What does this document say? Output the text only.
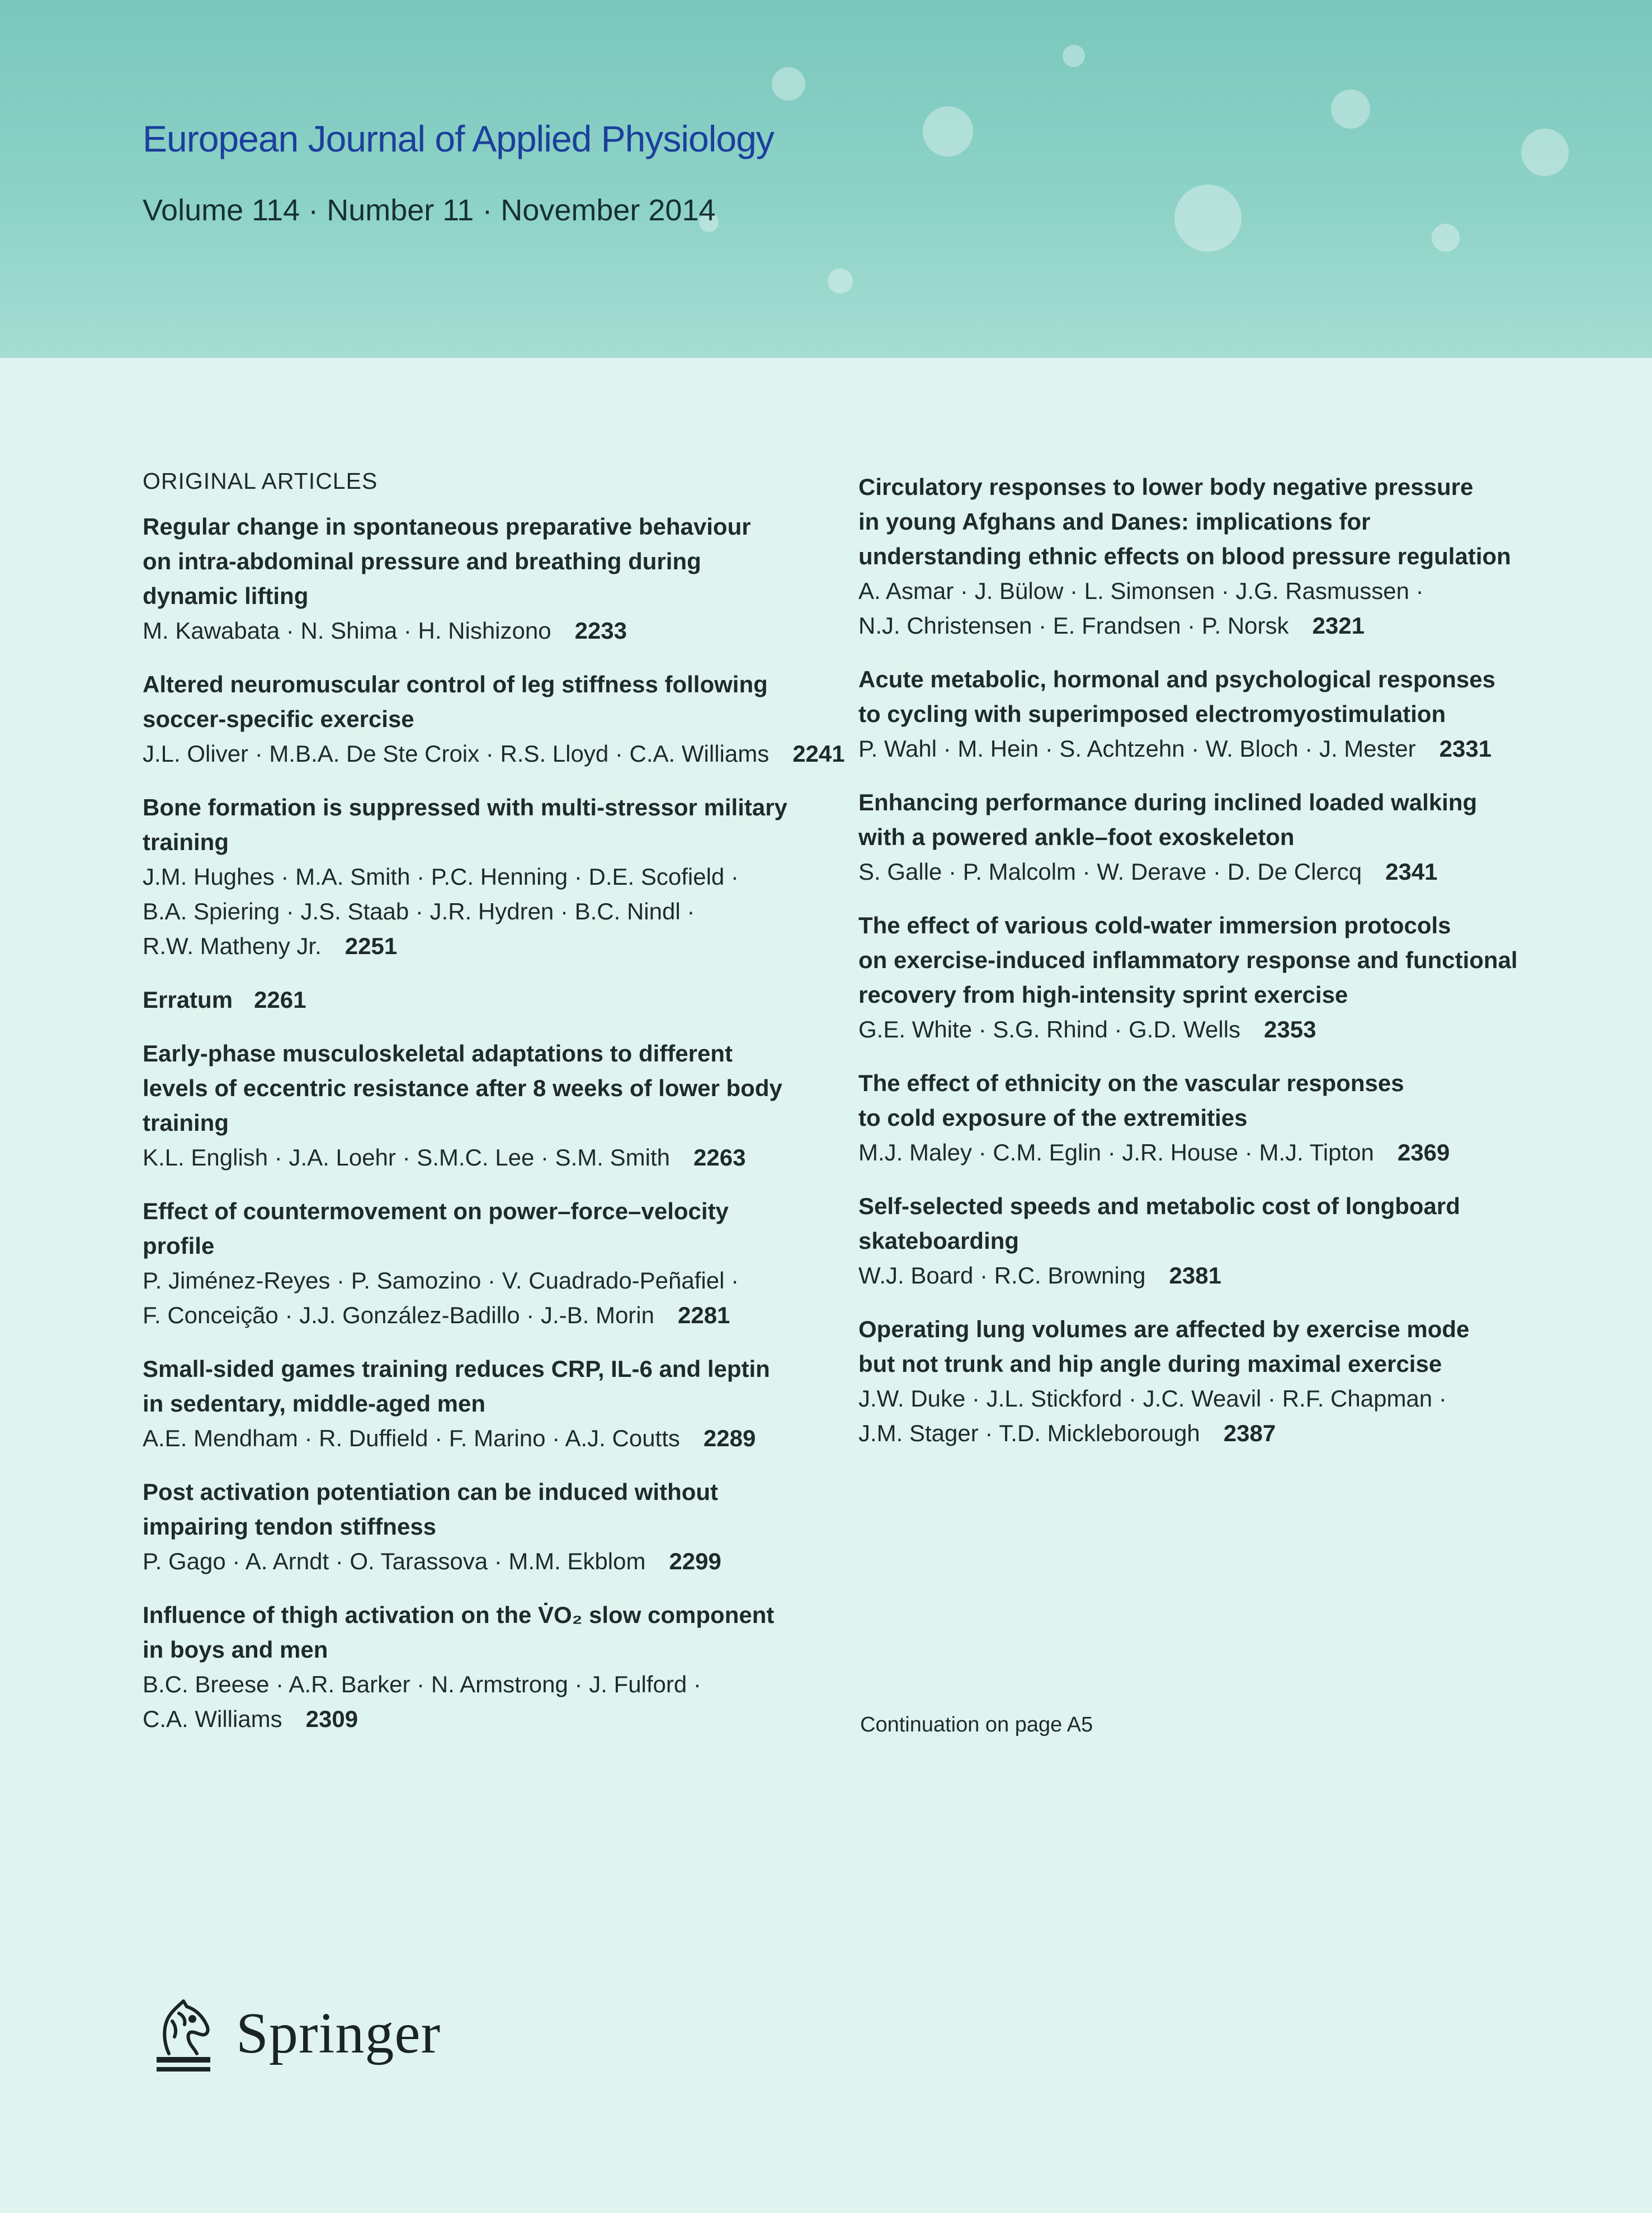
European Journal of Applied Physiology
Volume 114 · Number 11 · November 2014
ORIGINAL ARTICLES
Regular change in spontaneous preparative behaviour
on intra-abdominal pressure and breathing during
dynamic lifting
M. Kawabata · N. Shima · H. Nishizono 2233
Altered neuromuscular control of leg stiffness following
soccer-specific exercise
J.L. Oliver · M.B.A. De Ste Croix · R.S. Lloyd · C.A. Williams 2241
Bone formation is suppressed with multi-stressor military
training
J.M. Hughes · M.A. Smith · P.C. Henning · D.E. Scofield ·
B.A. Spiering · J.S. Staab · J.R. Hydren · B.C. Nindl ·
R.W. Matheny Jr. 2251
Erratum 2261
Early-phase musculoskeletal adaptations to different
levels of eccentric resistance after 8 weeks of lower body
training
K.L. English · J.A. Loehr · S.M.C. Lee · S.M. Smith 2263
Effect of countermovement on power–force–velocity
profile
P. Jiménez-Reyes · P. Samozino · V. Cuadrado-Peñafiel ·
F. Conceição · J.J. González-Badillo · J.-B. Morin 2281
Small-sided games training reduces CRP, IL-6 and leptin
in sedentary, middle-aged men
A.E. Mendham · R. Duffield · F. Marino · A.J. Coutts 2289
Post activation potentiation can be induced without
impairing tendon stiffness
P. Gago · A. Arndt · O. Tarassova · M.M. Ekblom 2299
Influence of thigh activation on the V̇O₂ slow component
in boys and men
B.C. Breese · A.R. Barker · N. Armstrong · J. Fulford ·
C.A. Williams 2309
Circulatory responses to lower body negative pressure
in young Afghans and Danes: implications for
understanding ethnic effects on blood pressure regulation
A. Asmar · J. Bülow · L. Simonsen · J.G. Rasmussen ·
N.J. Christensen · E. Frandsen · P. Norsk 2321
Acute metabolic, hormonal and psychological responses
to cycling with superimposed electromyostimulation
P. Wahl · M. Hein · S. Achtzehn · W. Bloch · J. Mester 2331
Enhancing performance during inclined loaded walking
with a powered ankle–foot exoskeleton
S. Galle · P. Malcolm · W. Derave · D. De Clercq 2341
The effect of various cold-water immersion protocols
on exercise-induced inflammatory response and functional
recovery from high-intensity sprint exercise
G.E. White · S.G. Rhind · G.D. Wells 2353
The effect of ethnicity on the vascular responses
to cold exposure of the extremities
M.J. Maley · C.M. Eglin · J.R. House · M.J. Tipton 2369
Self-selected speeds and metabolic cost of longboard
skateboarding
W.J. Board · R.C. Browning 2381
Operating lung volumes are affected by exercise mode
but not trunk and hip angle during maximal exercise
J.W. Duke · J.L. Stickford · J.C. Weavil · R.F. Chapman ·
J.M. Stager · T.D. Mickleborough 2387
Continuation on page A5
Springer
